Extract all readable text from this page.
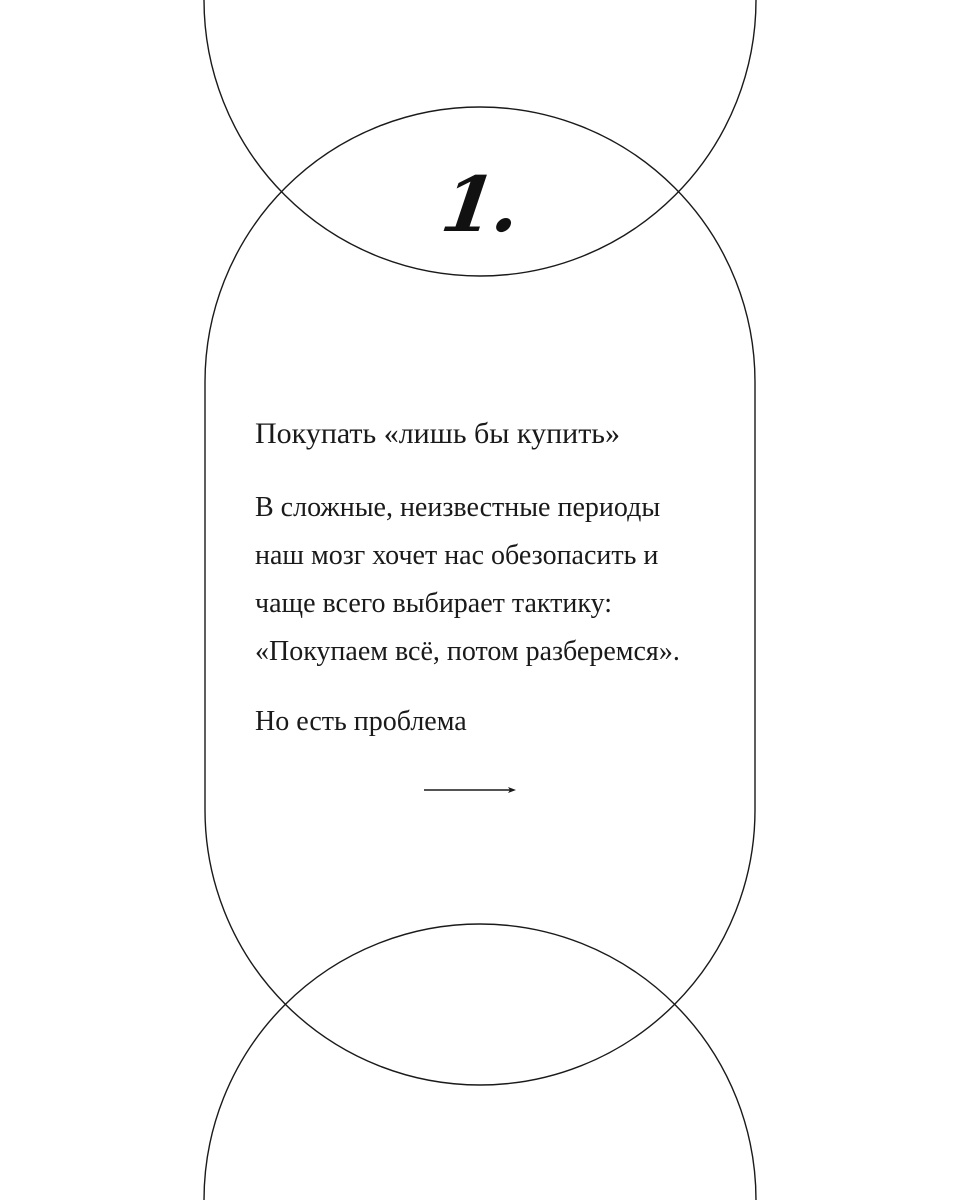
1.
Покупать «лишь бы купить»

В сложные, неизвестные периоды
наш мозг хочет нас обезопасить и
чаще всего выбирает тактику:
«Покупаем всё, потом разберемся».

Но есть проблема
